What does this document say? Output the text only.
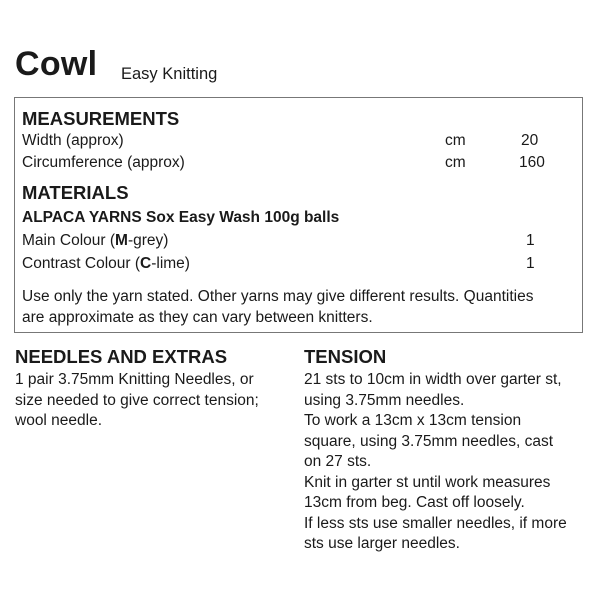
Cowl Easy Knitting
MEASUREMENTS
Width (approx)	cm	20
Circumference (approx)	cm	160
MATERIALS
ALPACA YARNS Sox Easy Wash 100g balls
Main Colour (M-grey)	1
Contrast Colour (C-lime)	1
Use only the yarn stated. Other yarns may give different results. Quantities
are approximate as they can vary between knitters.
NEEDLES AND EXTRAS
1 pair 3.75mm Knitting Needles, or
size needed to give correct tension;
wool needle.
TENSION
21 sts to 10cm in width over garter st,
using 3.75mm needles.
To work a 13cm x 13cm tension
square, using 3.75mm needles, cast
on 27 sts.
Knit in garter st until work measures
13cm from beg. Cast off loosely.
If less sts use smaller needles, if more
sts use larger needles.
